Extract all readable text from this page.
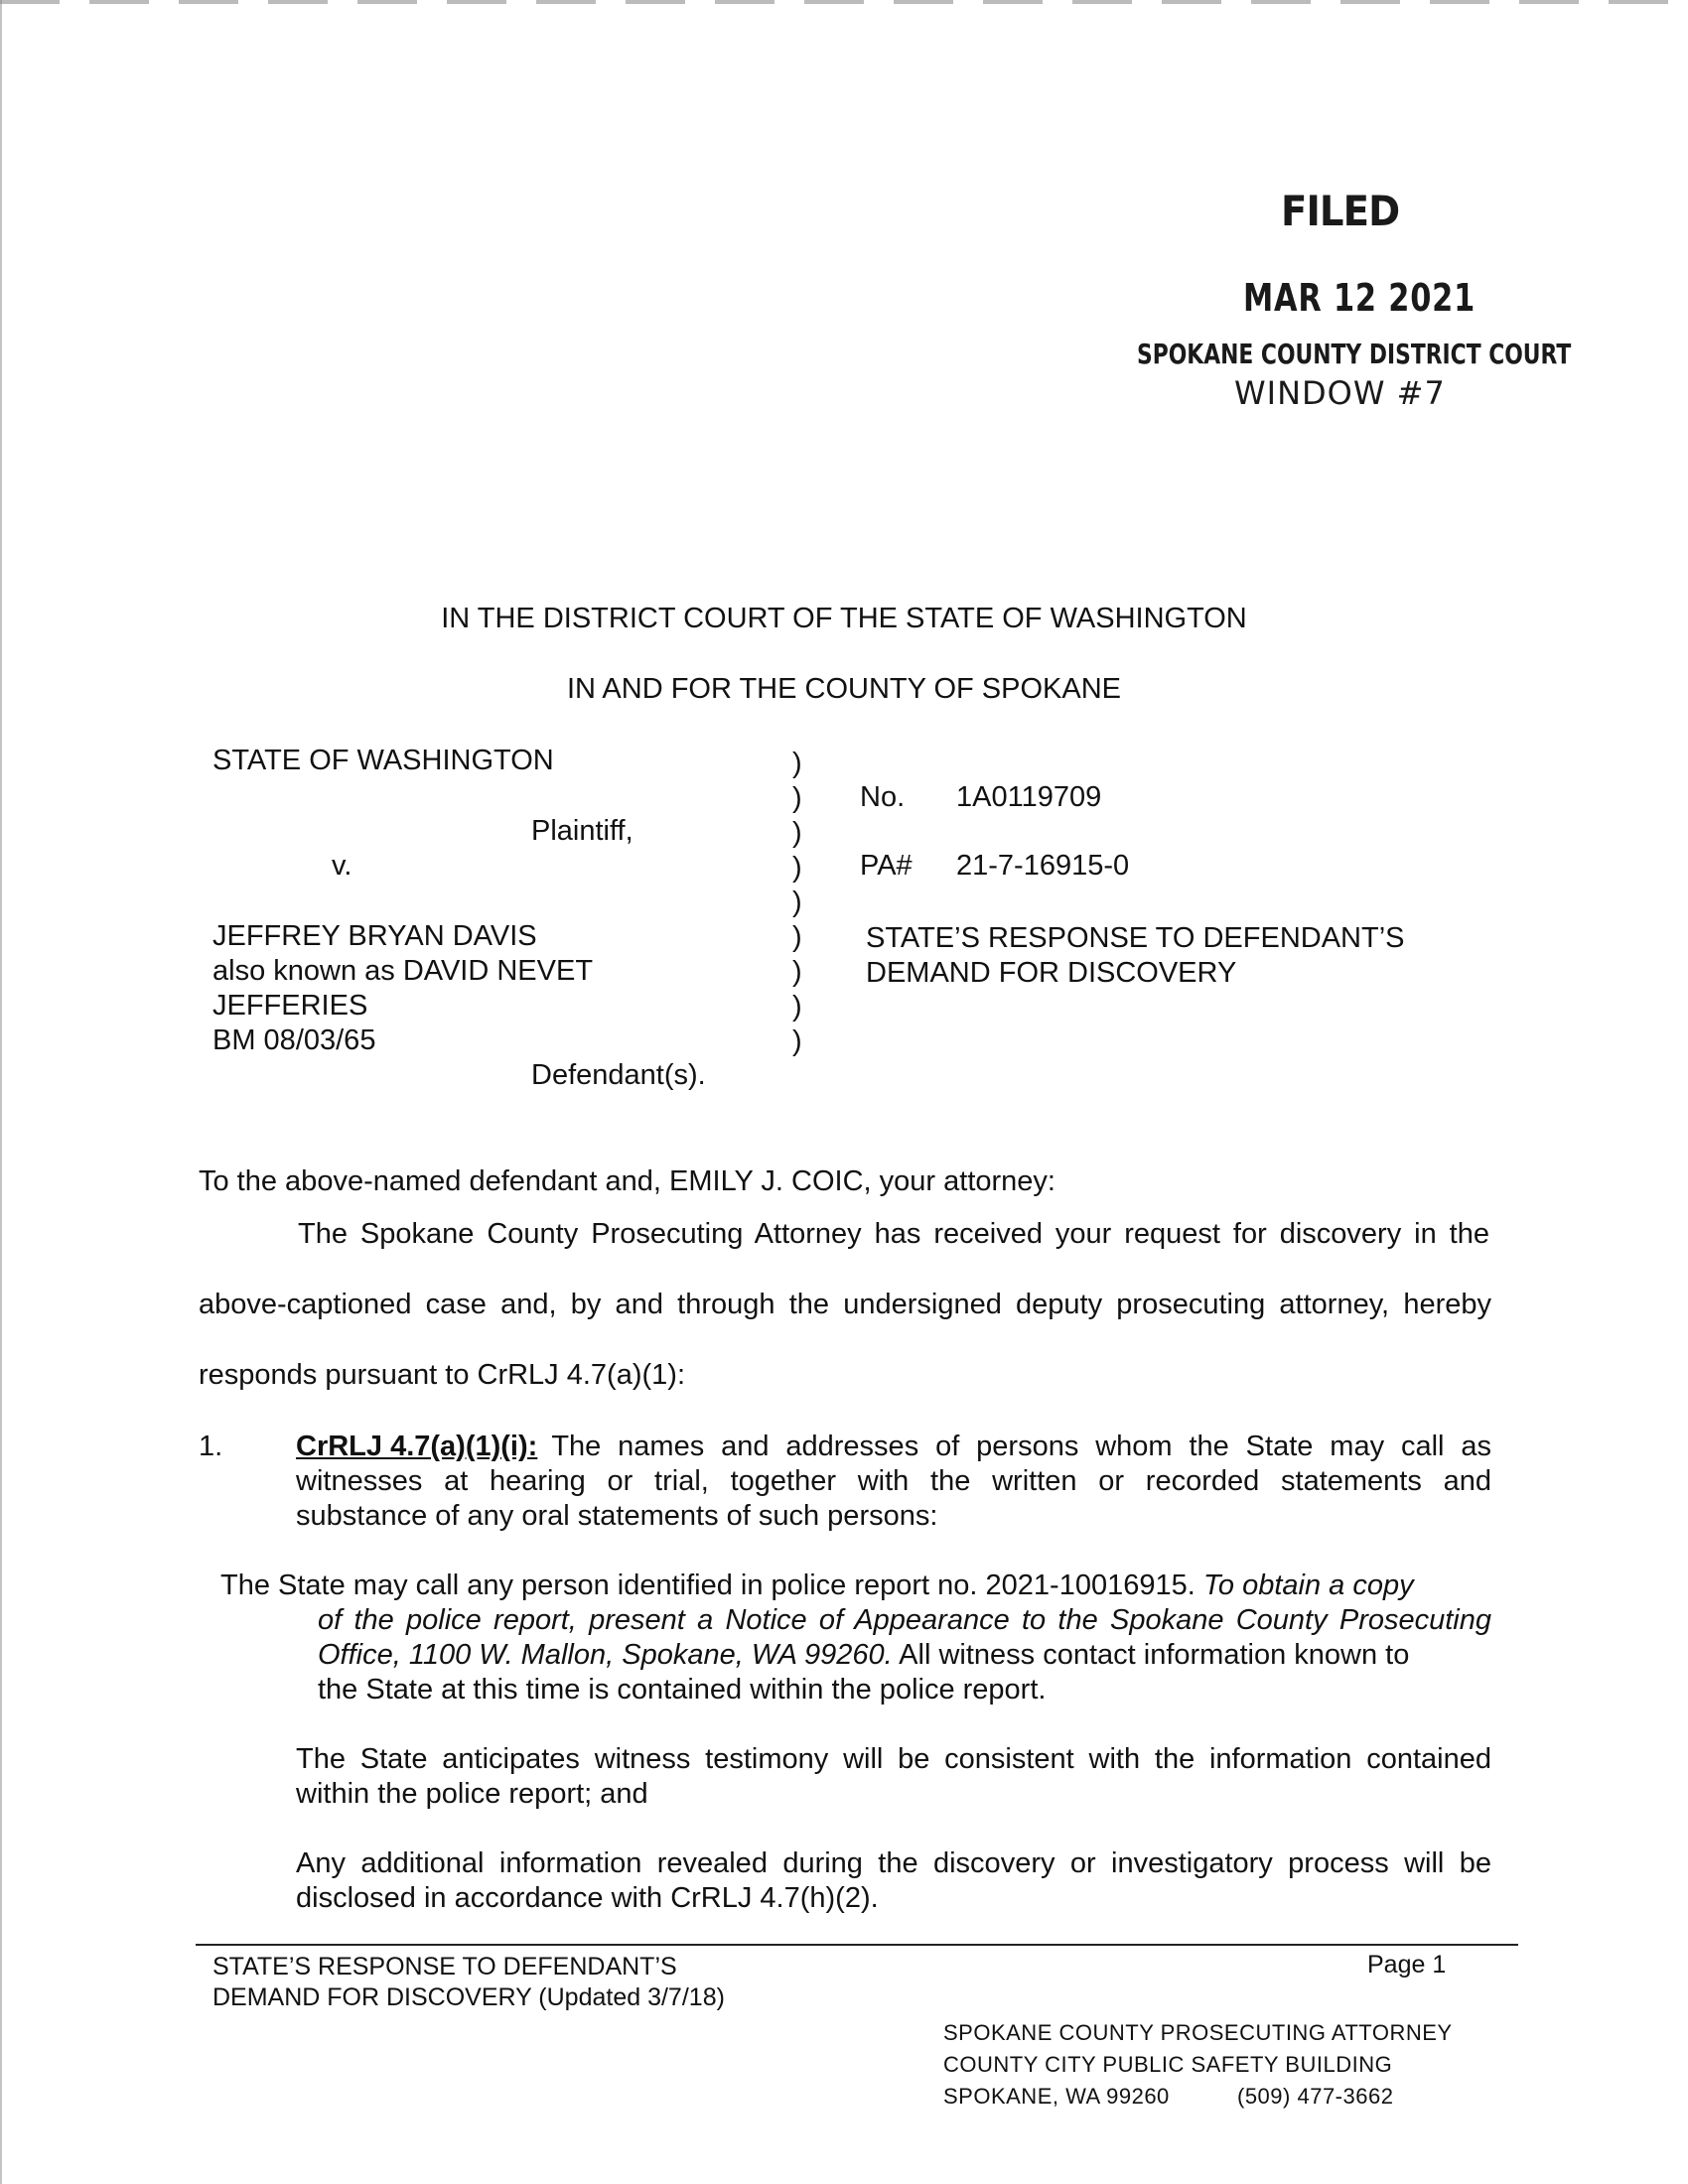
FILED
MAR 12 2021
SPOKANE COUNTY DISTRICT COURT
WINDOW #7
IN THE DISTRICT COURT OF THE STATE OF WASHINGTON
IN AND FOR THE COUNTY OF SPOKANE
STATE OF WASHINGTON
Plaintiff,
v.
JEFFREY BRYAN DAVIS
also known as DAVID NEVET
JEFFERIES
BM 08/03/65
Defendant(s).
)
)
)
)
)
)
)
)
)
No. 1A0119709
PA# 21-7-16915-0
STATE’S RESPONSE TO DEFENDANT’S
DEMAND FOR DISCOVERY
To the above-named defendant and, EMILY J. COIC, your attorney:
The Spokane County Prosecuting Attorney has received your request for discovery in the
above-captioned case and, by and through the undersigned deputy prosecuting attorney, hereby
responds pursuant to CrRLJ 4.7(a)(1):
1.	CrRLJ 4.7(a)(1)(i): The names and addresses of persons whom the State may call as
witnesses at hearing or trial, together with the written or recorded statements and
substance of any oral statements of such persons:
The State may call any person identified in police report no. 2021-10016915. To obtain a copy
of the police report, present a Notice of Appearance to the Spokane County Prosecuting
Office, 1100 W. Mallon, Spokane, WA 99260. All witness contact information known to
the State at this time is contained within the police report.
The State anticipates witness testimony will be consistent with the information contained
within the police report; and
Any additional information revealed during the discovery or investigatory process will be
disclosed in accordance with CrRLJ 4.7(h)(2).
STATE’S RESPONSE TO DEFENDANT’S
DEMAND FOR DISCOVERY (Updated 3/7/18)
Page 1
SPOKANE COUNTY PROSECUTING ATTORNEY
COUNTY CITY PUBLIC SAFETY BUILDING
SPOKANE, WA 99260	(509) 477-3662
